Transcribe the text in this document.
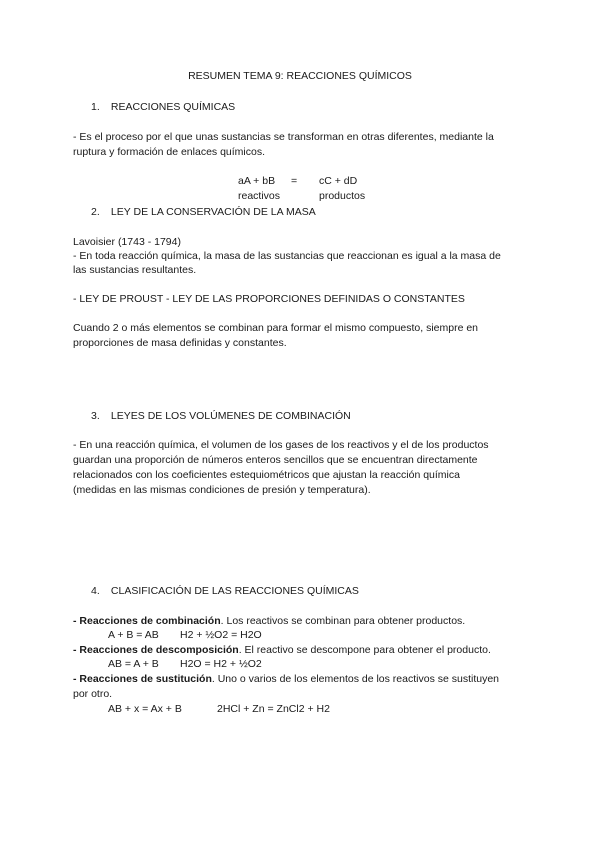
RESUMEN TEMA 9: REACCIONES QUÍMICOS
1. REACCIONES QUÍMICAS
- Es el proceso por el que unas sustancias se transforman en otras diferentes, mediante la
ruptura y formación de enlaces químicos.
aA + bB = cC + dD
reactivos	productos
2. LEY DE LA CONSERVACIÓN DE LA MASA
Lavoisier (1743 - 1794)
- En toda reacción química, la masa de las sustancias que reaccionan es igual a la masa de
las sustancias resultantes.
- LEY DE PROUST - LEY DE LAS PROPORCIONES DEFINIDAS O CONSTANTES
Cuando 2 o más elementos se combinan para formar el mismo compuesto, siempre en
proporciones de masa definidas y constantes.
3. LEYES DE LOS VOLÚMENES DE COMBINACIÓN
- En una reacción química, el volumen de los gases de los reactivos y el de los productos
guardan una proporción de números enteros sencillos que se encuentran directamente
relacionados con los coeficientes estequiométricos que ajustan la reacción química
(medidas en las mismas condiciones de presión y temperatura).
4. CLASIFICACIÓN DE LAS REACCIONES QUÍMICAS
- Reacciones de combinación. Los reactivos se combinan para obtener productos.
A + B = AB H2 + ½O2 = H2O
- Reacciones de descomposición. El reactivo se descompone para obtener el producto.
AB = A + B H2O = H2 + ½O2
- Reacciones de sustitución. Uno o varios de los elementos de los reactivos se sustituyen
por otro.
AB + x = Ax + B	2HCl + Zn = ZnCl2 + H2
